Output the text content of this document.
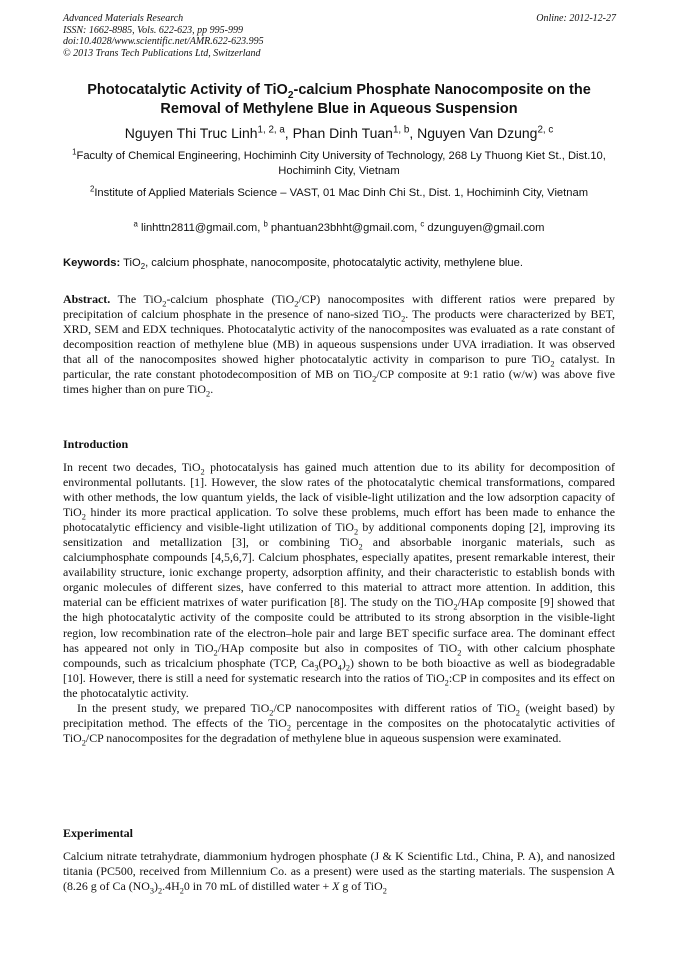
Advanced Materials Research
ISSN: 1662-8985, Vols. 622-623, pp 995-999
doi:10.4028/www.scientific.net/AMR.622-623.995
© 2013 Trans Tech Publications Ltd, Switzerland
Online: 2012-12-27
Photocatalytic Activity of TiO$_2$-calcium Phosphate Nanocomposite on the Removal of Methylene Blue in Aqueous Suspension
Nguyen Thi Truc Linh$^{1, 2, a}$, Phan Dinh Tuan$^{1, b}$, Nguyen Van Dzung$^{2, c}$
$^1$Faculty of Chemical Engineering, Hochiminh City University of Technology, 268 Ly Thuong Kiet St., Dist.10, Hochiminh City, Vietnam
$^2$Institute of Applied Materials Science – VAST, 01 Mac Dinh Chi St., Dist. 1, Hochiminh City, Vietnam
$^a$ linhttn2811@gmail.com, $^b$ phantuan23bhht@gmail.com, $^c$ dzunguyen@gmail.com
Keywords: TiO$_2$, calcium phosphate, nanocomposite, photocatalytic activity, methylene blue.
Abstract. The TiO$_2$-calcium phosphate (TiO$_2$/CP) nanocomposites with different ratios were prepared by precipitation of calcium phosphate in the presence of nano-sized TiO$_2$. The products were characterized by BET, XRD, SEM and EDX techniques. Photocatalytic activity of the nanocomposites was evaluated as a rate constant of decomposition reaction of methylene blue (MB) in aqueous suspensions under UVA irradiation. It was observed that all of the nanocomposites showed higher photocatalytic activity in comparison to pure TiO$_2$ catalyst. In particular, the rate constant photodecomposition of MB on TiO$_2$/CP composite at 9:1 ratio (w/w) was above five times higher than on pure TiO$_2$.
Introduction
In recent two decades, TiO$_2$ photocatalysis has gained much attention due to its ability for decomposition of environmental pollutants. [1]. However, the slow rates of the photocatalytic chemical transformations, compared with other methods, the low quantum yields, the lack of visible-light utilization and the low adsorption capacity of TiO$_2$ hinder its more practical application. To solve these problems, much effort has been made to enhance the photocatalytic efficiency and visible-light utilization of TiO$_2$ by additional components doping [2], improving its sensitization and metallization [3], or combining TiO$_2$ and absorbable inorganic materials, such as calciumphosphate compounds [4,5,6,7]. Calcium phosphates, especially apatites, present remarkable interest, their availability structure, ionic exchange property, adsorption affinity, and their characteristic to establish bonds with organic molecules of different sizes, have conferred to this material to attract more attention. In addition, this material can be efficient matrixes of water purification [8]. The study on the TiO$_2$/HAp composite [9] showed that the high photocatalytic activity of the composite could be attributed to its strong absorption in the visible-light region, low recombination rate of the electron–hole pair and large BET specific surface area. The dominant effect has appeared not only in TiO$_2$/HAp composite but also in composites of TiO$_2$ with other calcium phosphate compounds, such as tricalcium phosphate (TCP, $Ca_3(PO_4)_2$) shown to be both bioactive as well as biodegradable [10]. However, there is still a need for systematic research into the ratios of TiO$_2$:CP in composites and its effect on the photocatalytic activity.
In the present study, we prepared TiO$_2$/CP nanocomposites with different ratios of TiO$_2$ (weight based) by precipitation method. The effects of the TiO$_2$ percentage in the composites on the photocatalytic activities of TiO$_2$/CP nanocomposites for the degradation of methylene blue in aqueous suspension were examinated.
Experimental
Calcium nitrate tetrahydrate, diammonium hydrogen phosphate (J & K Scientific Ltd., China, P. A), and nanosized titania (PC500, received from Millennium Co. as a present) were used as the starting materials. The suspension A (8.26 g of Ca $(NO_3)_2.4H_20$ in 70 mL of distilled water + X g of TiO$_2$
